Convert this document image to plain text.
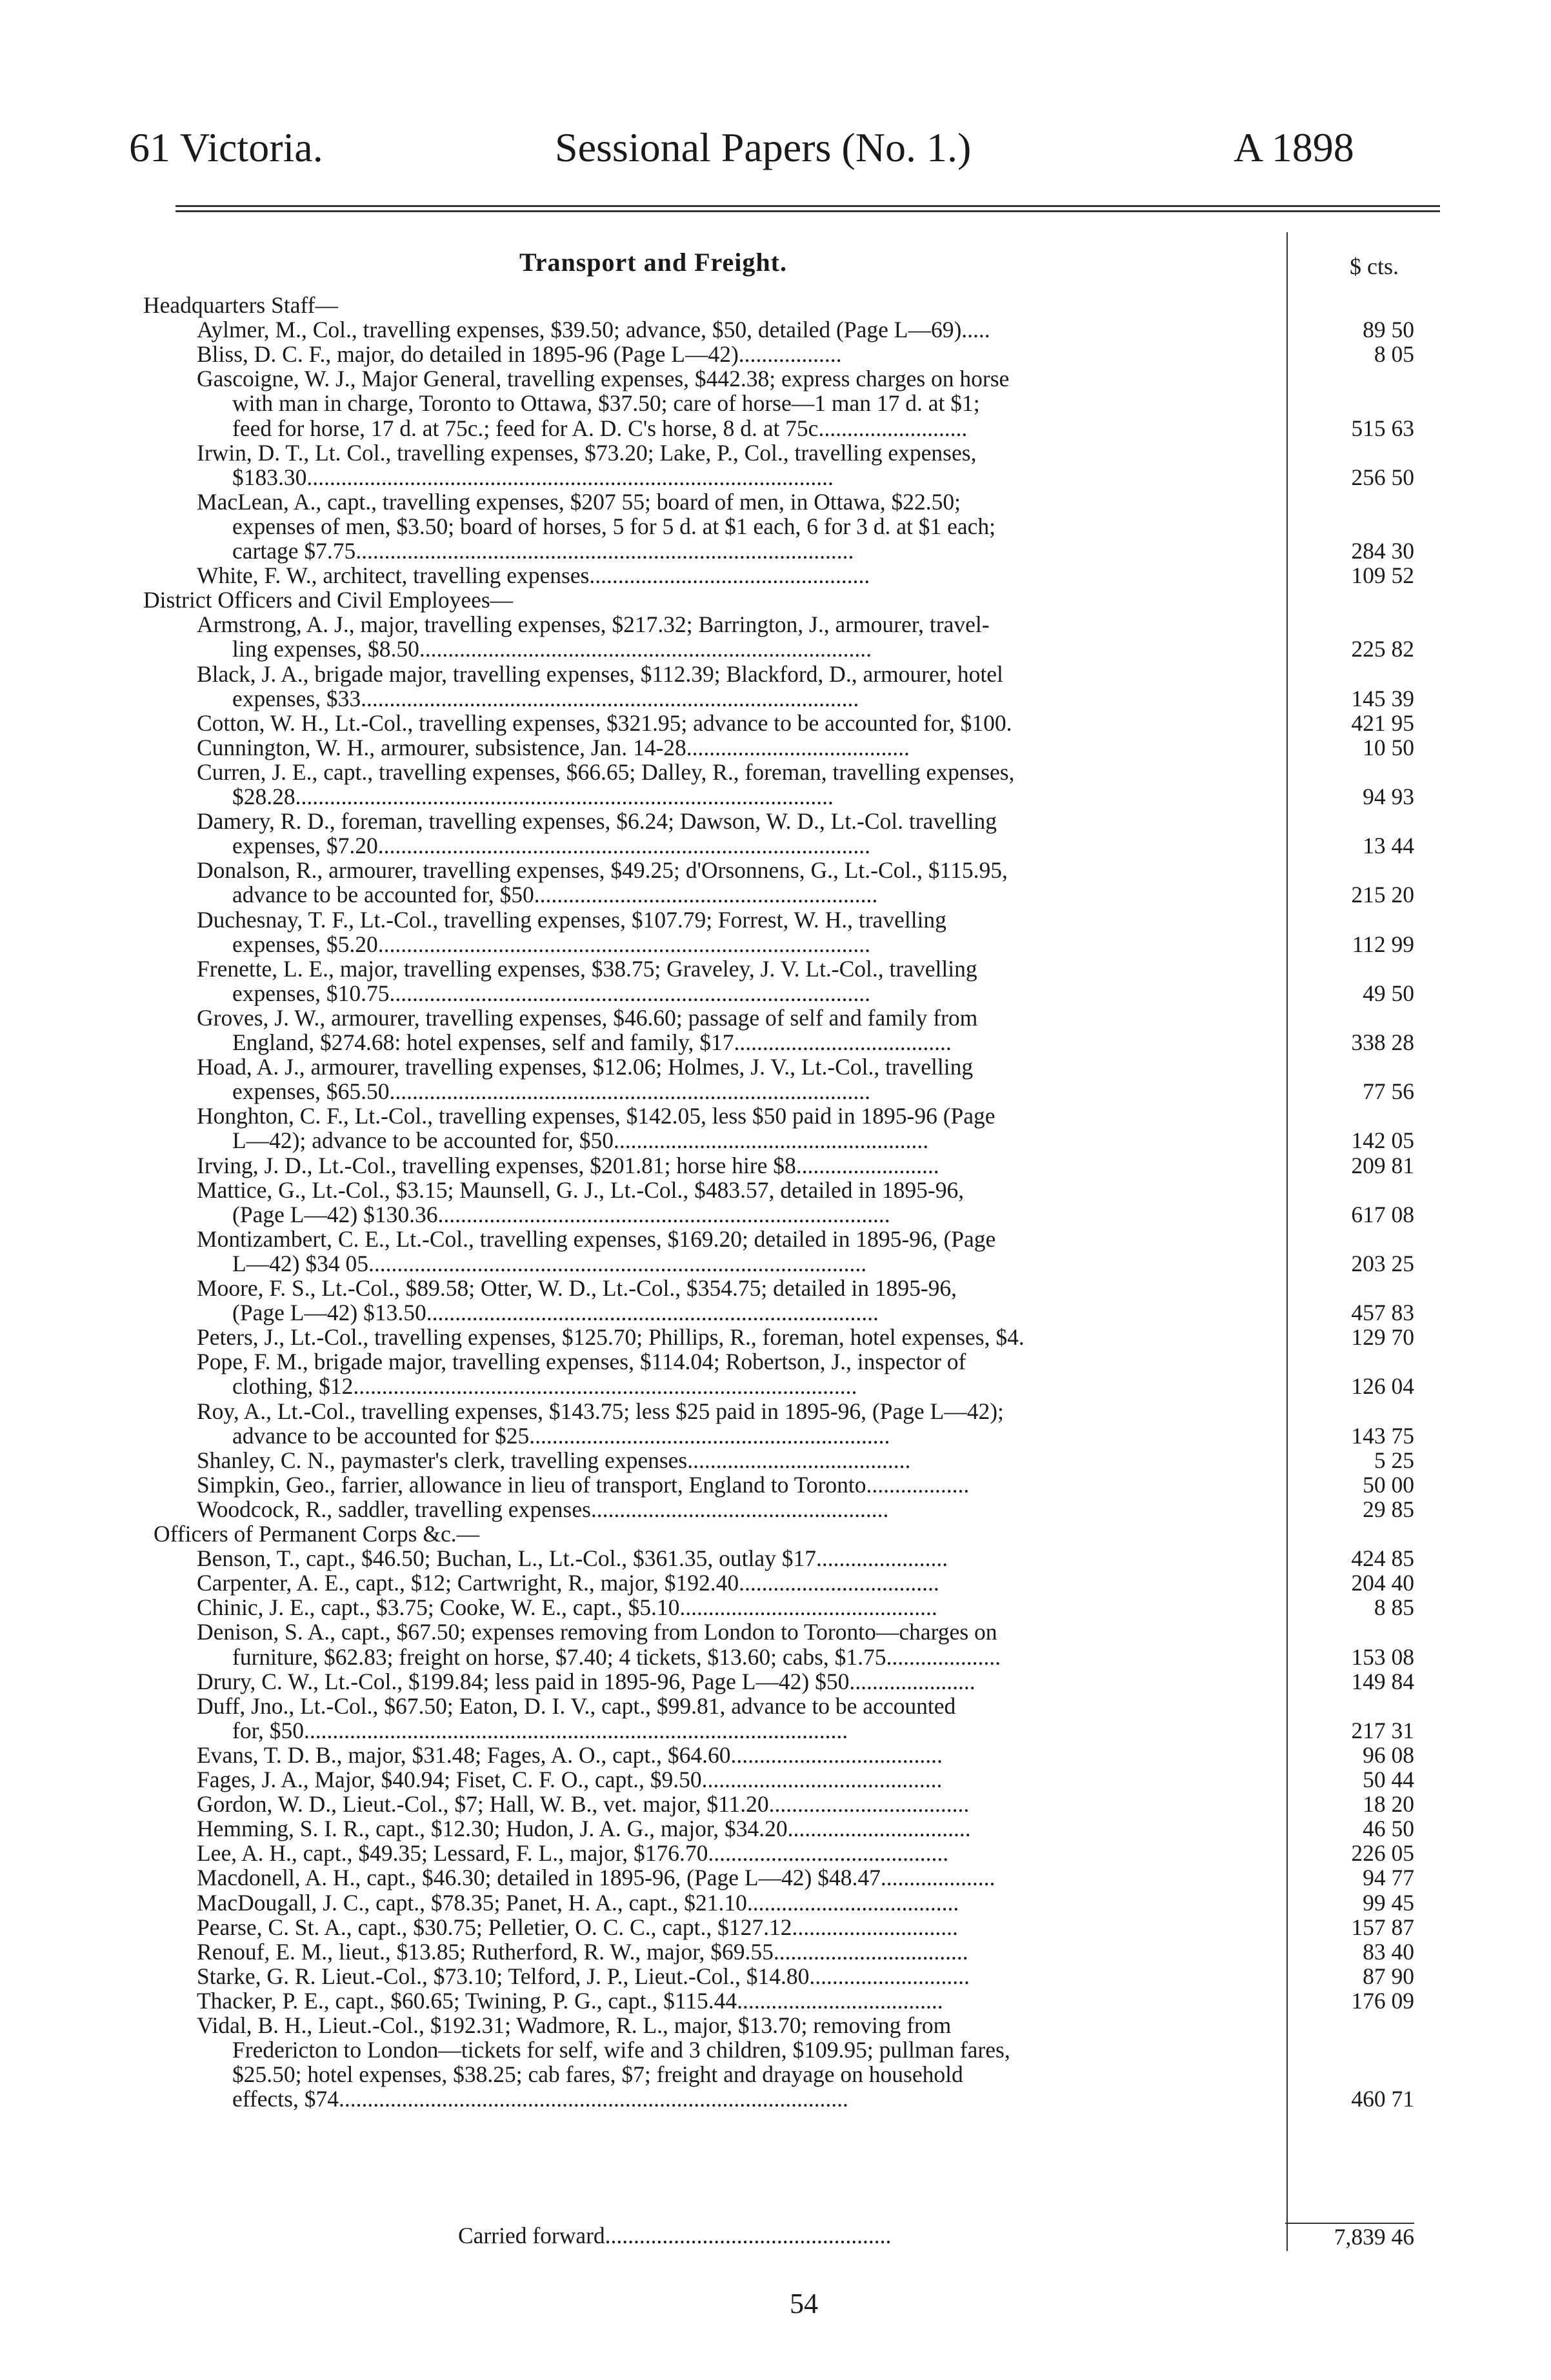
61 Victoria.	Sessional Papers (No. 1.)	A 1898
Transport and Freight.	$ cts.
Headquarters Staff—
Aylmer, M., Col., travelling expenses, $39.50; advance, $50, detailed (Page L—69).....	89 50
Bliss, D. C. F., major, do detailed in 1895-96 (Page L—42)..................	8 05
Gascoigne, W. J., Major General, travelling expenses, $442.38; express charges on horse
with man in charge, Toronto to Ottawa, $37.50; care of horse—1 man 17 d. at $1;
feed for horse, 17 d. at 75c.; feed for A. D. C's horse, 8 d. at 75c..........................	515 63
Irwin, D. T., Lt. Col., travelling expenses, $73.20; Lake, P., Col., travelling expenses,
$183.30............................................................................................	256 50
MacLean, A., capt., travelling expenses, $207 55; board of men, in Ottawa, $22.50;
expenses of men, $3.50; board of horses, 5 for 5 d. at $1 each, 6 for 3 d. at $1 each;
cartage $7.75.......................................................................................	284 30
White, F. W., architect, travelling expenses.................................................	109 52
District Officers and Civil Employees—
Armstrong, A. J., major, travelling expenses, $217.32; Barrington, J., armourer, travel-
ling expenses, $8.50...............................................................................	225 82
Black, J. A., brigade major, travelling expenses, $112.39; Blackford, D., armourer, hotel
expenses, $33.......................................................................................	145 39
Cotton, W. H., Lt.-Col., travelling expenses, $321.95; advance to be accounted for, $100.	421 95
Cunnington, W. H., armourer, subsistence, Jan. 14-28.......................................	10 50
Curren, J. E., capt., travelling expenses, $66.65; Dalley, R., foreman, travelling expenses,
$28.28..............................................................................................	94 93
Damery, R. D., foreman, travelling expenses, $6.24; Dawson, W. D., Lt.-Col. travelling
expenses, $7.20......................................................................................	13 44
Donalson, R., armourer, travelling expenses, $49.25; d'Orsonnens, G., Lt.-Col., $115.95,
advance to be accounted for, $50............................................................	215 20
Duchesnay, T. F., Lt.-Col., travelling expenses, $107.79; Forrest, W. H., travelling
expenses, $5.20......................................................................................	112 99
Frenette, L. E., major, travelling expenses, $38.75; Graveley, J. V. Lt.-Col., travelling
expenses, $10.75....................................................................................	49 50
Groves, J. W., armourer, travelling expenses, $46.60; passage of self and family from
England, $274.68: hotel expenses, self and family, $17......................................	338 28
Hoad, A. J., armourer, travelling expenses, $12.06; Holmes, J. V., Lt.-Col., travelling
expenses, $65.50....................................................................................	77 56
Honghton, C. F., Lt.-Col., travelling expenses, $142.05, less $50 paid in 1895-96 (Page
L—42); advance to be accounted for, $50.......................................................	142 05
Irving, J. D., Lt.-Col., travelling expenses, $201.81; horse hire $8.........................	209 81
Mattice, G., Lt.-Col., $3.15; Maunsell, G. J., Lt.-Col., $483.57, detailed in 1895-96,
(Page L—42) $130.36...............................................................................	617 08
Montizambert, C. E., Lt.-Col., travelling expenses, $169.20; detailed in 1895-96, (Page
L—42) $34 05.......................................................................................	203 25
Moore, F. S., Lt.-Col., $89.58; Otter, W. D., Lt.-Col., $354.75; detailed in 1895-96,
(Page L—42) $13.50...............................................................................	457 83
Peters, J., Lt.-Col., travelling expenses, $125.70; Phillips, R., foreman, hotel expenses, $4.	129 70
Pope, F. M., brigade major, travelling expenses, $114.04; Robertson, J., inspector of
clothing, $12........................................................................................	126 04
Roy, A., Lt.-Col., travelling expenses, $143.75; less $25 paid in 1895-96, (Page L—42);
advance to be accounted for $25...............................................................	143 75
Shanley, C. N., paymaster's clerk, travelling expenses.......................................	5 25
Simpkin, Geo., farrier, allowance in lieu of transport, England to Toronto..................	50 00
Woodcock, R., saddler, travelling expenses....................................................	29 85
Officers of Permanent Corps &c.—
Benson, T., capt., $46.50; Buchan, L., Lt.-Col., $361.35, outlay $17.......................	424 85
Carpenter, A. E., capt., $12; Cartwright, R., major, $192.40...................................	204 40
Chinic, J. E., capt., $3.75; Cooke, W. E., capt., $5.10.............................................	8 85
Denison, S. A., capt., $67.50; expenses removing from London to Toronto—charges on
furniture, $62.83; freight on horse, $7.40; 4 tickets, $13.60; cabs, $1.75....................	153 08
Drury, C. W., Lt.-Col., $199.84; less paid in 1895-96, Page L—42) $50......................	149 84
Duff, Jno., Lt.-Col., $67.50; Eaton, D. I. V., capt., $99.81, advance to be accounted
for, $50...............................................................................................	217 31
Evans, T. D. B., major, $31.48; Fages, A. O., capt., $64.60.....................................	96 08
Fages, J. A., Major, $40.94; Fiset, C. F. O., capt., $9.50..........................................	50 44
Gordon, W. D., Lieut.-Col., $7; Hall, W. B., vet. major, $11.20...................................	18 20
Hemming, S. I. R., capt., $12.30; Hudon, J. A. G., major, $34.20................................	46 50
Lee, A. H., capt., $49.35; Lessard, F. L., major, $176.70..........................................	226 05
Macdonell, A. H., capt., $46.30; detailed in 1895-96, (Page L—42) $48.47....................	94 77
MacDougall, J. C., capt., $78.35; Panet, H. A., capt., $21.10.....................................	99 45
Pearse, C. St. A., capt., $30.75; Pelletier, O. C. C., capt., $127.12.............................	157 87
Renouf, E. M., lieut., $13.85; Rutherford, R. W., major, $69.55..................................	83 40
Starke, G. R. Lieut.-Col., $73.10; Telford, J. P., Lieut.-Col., $14.80............................	87 90
Thacker, P. E., capt., $60.65; Twining, P. G., capt., $115.44....................................	176 09
Vidal, B. H., Lieut.-Col., $192.31; Wadmore, R. L., major, $13.70; removing from
Fredericton to London—tickets for self, wife and 3 children, $109.95; pullman fares,
$25.50; hotel expenses, $38.25; cab fares, $7; freight and drayage on household
effects, $74.........................................................................................	460 71
Carried forward..................................................	7,839 46
54
